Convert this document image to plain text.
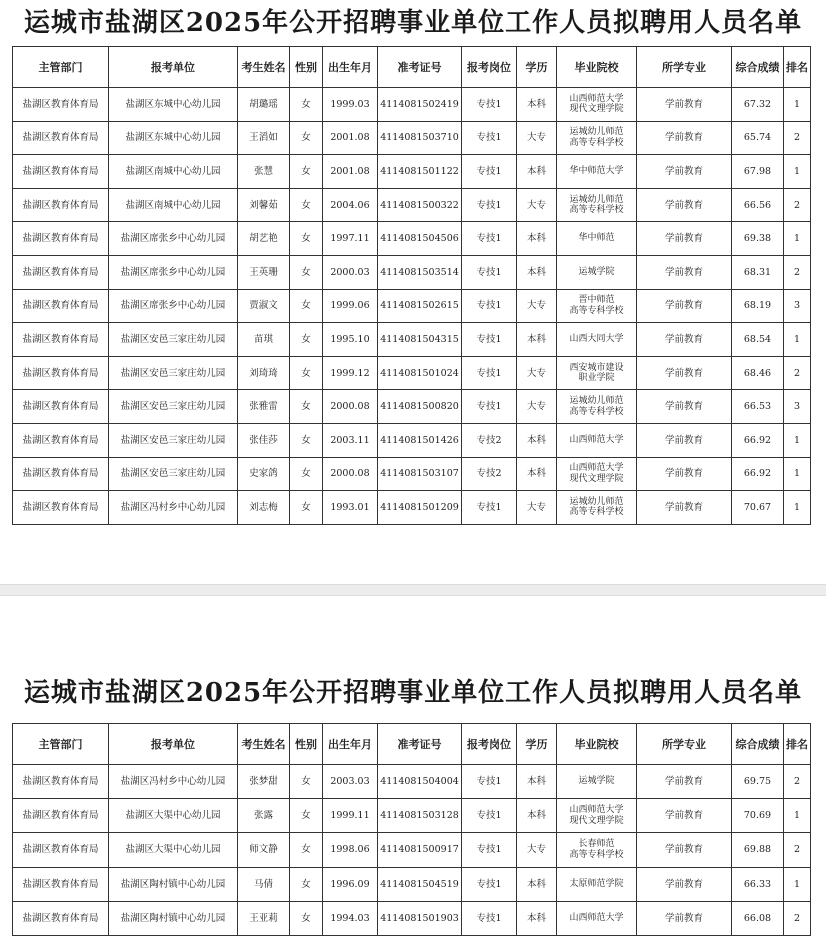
运城市盐湖区2025年公开招聘事业单位工作人员拟聘用人员名单
主管部门	报考单位	考生姓名	性别	出生年月	准考证号	报考岗位	学历	毕业院校	所学专业	综合成绩	排名
盐湖区教育体育局	盐湖区东城中心幼儿园	胡璐瑶	女	1999.03	4114081502419	专技1	本科	山西师范大学
现代文理学院	学前教育	67.32	1
盐湖区教育体育局	盐湖区东城中心幼儿园	王滔如	女	2001.08	4114081503710	专技1	大专	运城幼儿师范
高等专科学校	学前教育	65.74	2
盐湖区教育体育局	盐湖区南城中心幼儿园	张慧	女	2001.08	4114081501122	专技1	本科	华中师范大学	学前教育	67.98	1
盐湖区教育体育局	盐湖区南城中心幼儿园	刘馨茹	女	2004.06	4114081500322	专技1	大专	运城幼儿师范
高等专科学校	学前教育	66.56	2
盐湖区教育体育局	盐湖区席张乡中心幼儿园	胡艺艳	女	1997.11	4114081504506	专技1	本科	华中师范	学前教育	69.38	1
盐湖区教育体育局	盐湖区席张乡中心幼儿园	王英珊	女	2000.03	4114081503514	专技1	本科	运城学院	学前教育	68.31	2
盐湖区教育体育局	盐湖区席张乡中心幼儿园	贾淑文	女	1999.06	4114081502615	专技1	大专	晋中师范
高等专科学校	学前教育	68.19	3
盐湖区教育体育局	盐湖区安邑三家庄幼儿园	苗琪	女	1995.10	4114081504315	专技1	本科	山西大同大学	学前教育	68.54	1
盐湖区教育体育局	盐湖区安邑三家庄幼儿园	刘琦琦	女	1999.12	4114081501024	专技1	大专	西安城市建设
职业学院	学前教育	68.46	2
盐湖区教育体育局	盐湖区安邑三家庄幼儿园	张雅雷	女	2000.08	4114081500820	专技1	大专	运城幼儿师范
高等专科学校	学前教育	66.53	3
盐湖区教育体育局	盐湖区安邑三家庄幼儿园	张佳莎	女	2003.11	4114081501426	专技2	本科	山西师范大学	学前教育	66.92	1
盐湖区教育体育局	盐湖区安邑三家庄幼儿园	史家鸽	女	2000.08	4114081503107	专技2	本科	山西师范大学
现代文理学院	学前教育	66.92	1
盐湖区教育体育局	盐湖区冯村乡中心幼儿园	刘志梅	女	1993.01	4114081501209	专技1	大专	运城幼儿师范
高等专科学校	学前教育	70.67	1
运城市盐湖区2025年公开招聘事业单位工作人员拟聘用人员名单
主管部门	报考单位	考生姓名	性别	出生年月	准考证号	报考岗位	学历	毕业院校	所学专业	综合成绩	排名
盐湖区教育体育局	盐湖区冯村乡中心幼儿园	张梦甜	女	2003.03	4114081504004	专技1	本科	运城学院	学前教育	69.75	2
盐湖区教育体育局	盐湖区大渠中心幼儿园	张露	女	1999.11	4114081503128	专技1	本科	山西师范大学
现代文理学院	学前教育	70.69	1
盐湖区教育体育局	盐湖区大渠中心幼儿园	师文静	女	1998.06	4114081500917	专技1	大专	长春师范
高等专科学校	学前教育	69.88	2
盐湖区教育体育局	盐湖区陶村镇中心幼儿园	马倩	女	1996.09	4114081504519	专技1	本科	太原师范学院	学前教育	66.33	1
盐湖区教育体育局	盐湖区陶村镇中心幼儿园	王亚莉	女	1994.03	4114081501903	专技1	本科	山西师范大学	学前教育	66.08	2
